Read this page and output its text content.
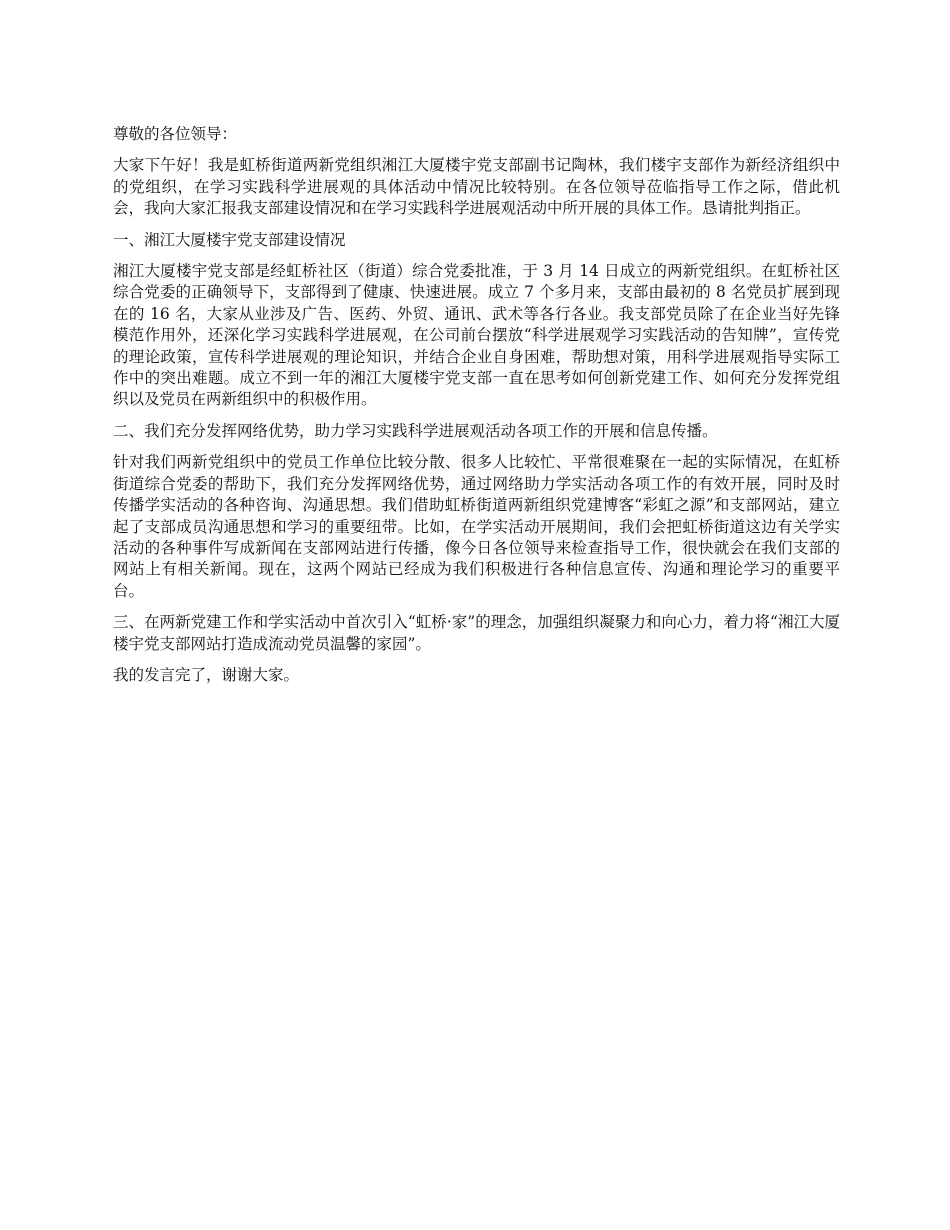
尊敬的各位领导：

大家下午好！我是虹桥街道两新党组织湘江大厦楼宇党支部副书记陶林，我们楼宇支部作为新经济组织中的党组织，在学习实践科学进展观的具体活动中情况比较特别。在各位领导莅临指导工作之际，借此机会，我向大家汇报我支部建设情况和在学习实践科学进展观活动中所开展的具体工作。恳请批判指正。

一、湘江大厦楼宇党支部建设情况

湘江大厦楼宇党支部是经虹桥社区（街道）综合党委批准，于 3 月 14 日成立的两新党组织。在虹桥社区综合党委的正确领导下，支部得到了健康、快速进展。成立 7 个多月来，支部由最初的 8 名党员扩展到现在的 16 名，大家从业涉及广告、医药、外贸、通讯、武术等各行各业。我支部党员除了在企业当好先锋模范作用外，还深化学习实践科学进展观，在公司前台摆放“科学进展观学习实践活动的告知牌”，宣传党的理论政策，宣传科学进展观的理论知识，并结合企业自身困难，帮助想对策，用科学进展观指导实际工作中的突出难题。成立不到一年的湘江大厦楼宇党支部一直在思考如何创新党建工作、如何充分发挥党组织以及党员在两新组织中的积极作用。

二、我们充分发挥网络优势，助力学习实践科学进展观活动各项工作的开展和信息传播。

针对我们两新党组织中的党员工作单位比较分散、很多人比较忙、平常很难聚在一起的实际情况，在虹桥街道综合党委的帮助下，我们充分发挥网络优势，通过网络助力学实活动各项工作的有效开展，同时及时传播学实活动的各种咨询、沟通思想。我们借助虹桥街道两新组织党建博客“彩虹之源”和支部网站，建立起了支部成员沟通思想和学习的重要纽带。比如，在学实活动开展期间，我们会把虹桥街道这边有关学实活动的各种事件写成新闻在支部网站进行传播，像今日各位领导来检查指导工作，很快就会在我们支部的网站上有相关新闻。现在，这两个网站已经成为我们积极进行各种信息宣传、沟通和理论学习的重要平台。

三、在两新党建工作和学实活动中首次引入“虹桥·家”的理念，加强组织凝聚力和向心力，着力将“湘江大厦楼宇党支部网站打造成流动党员温馨的家园”。

我的发言完了，谢谢大家。
